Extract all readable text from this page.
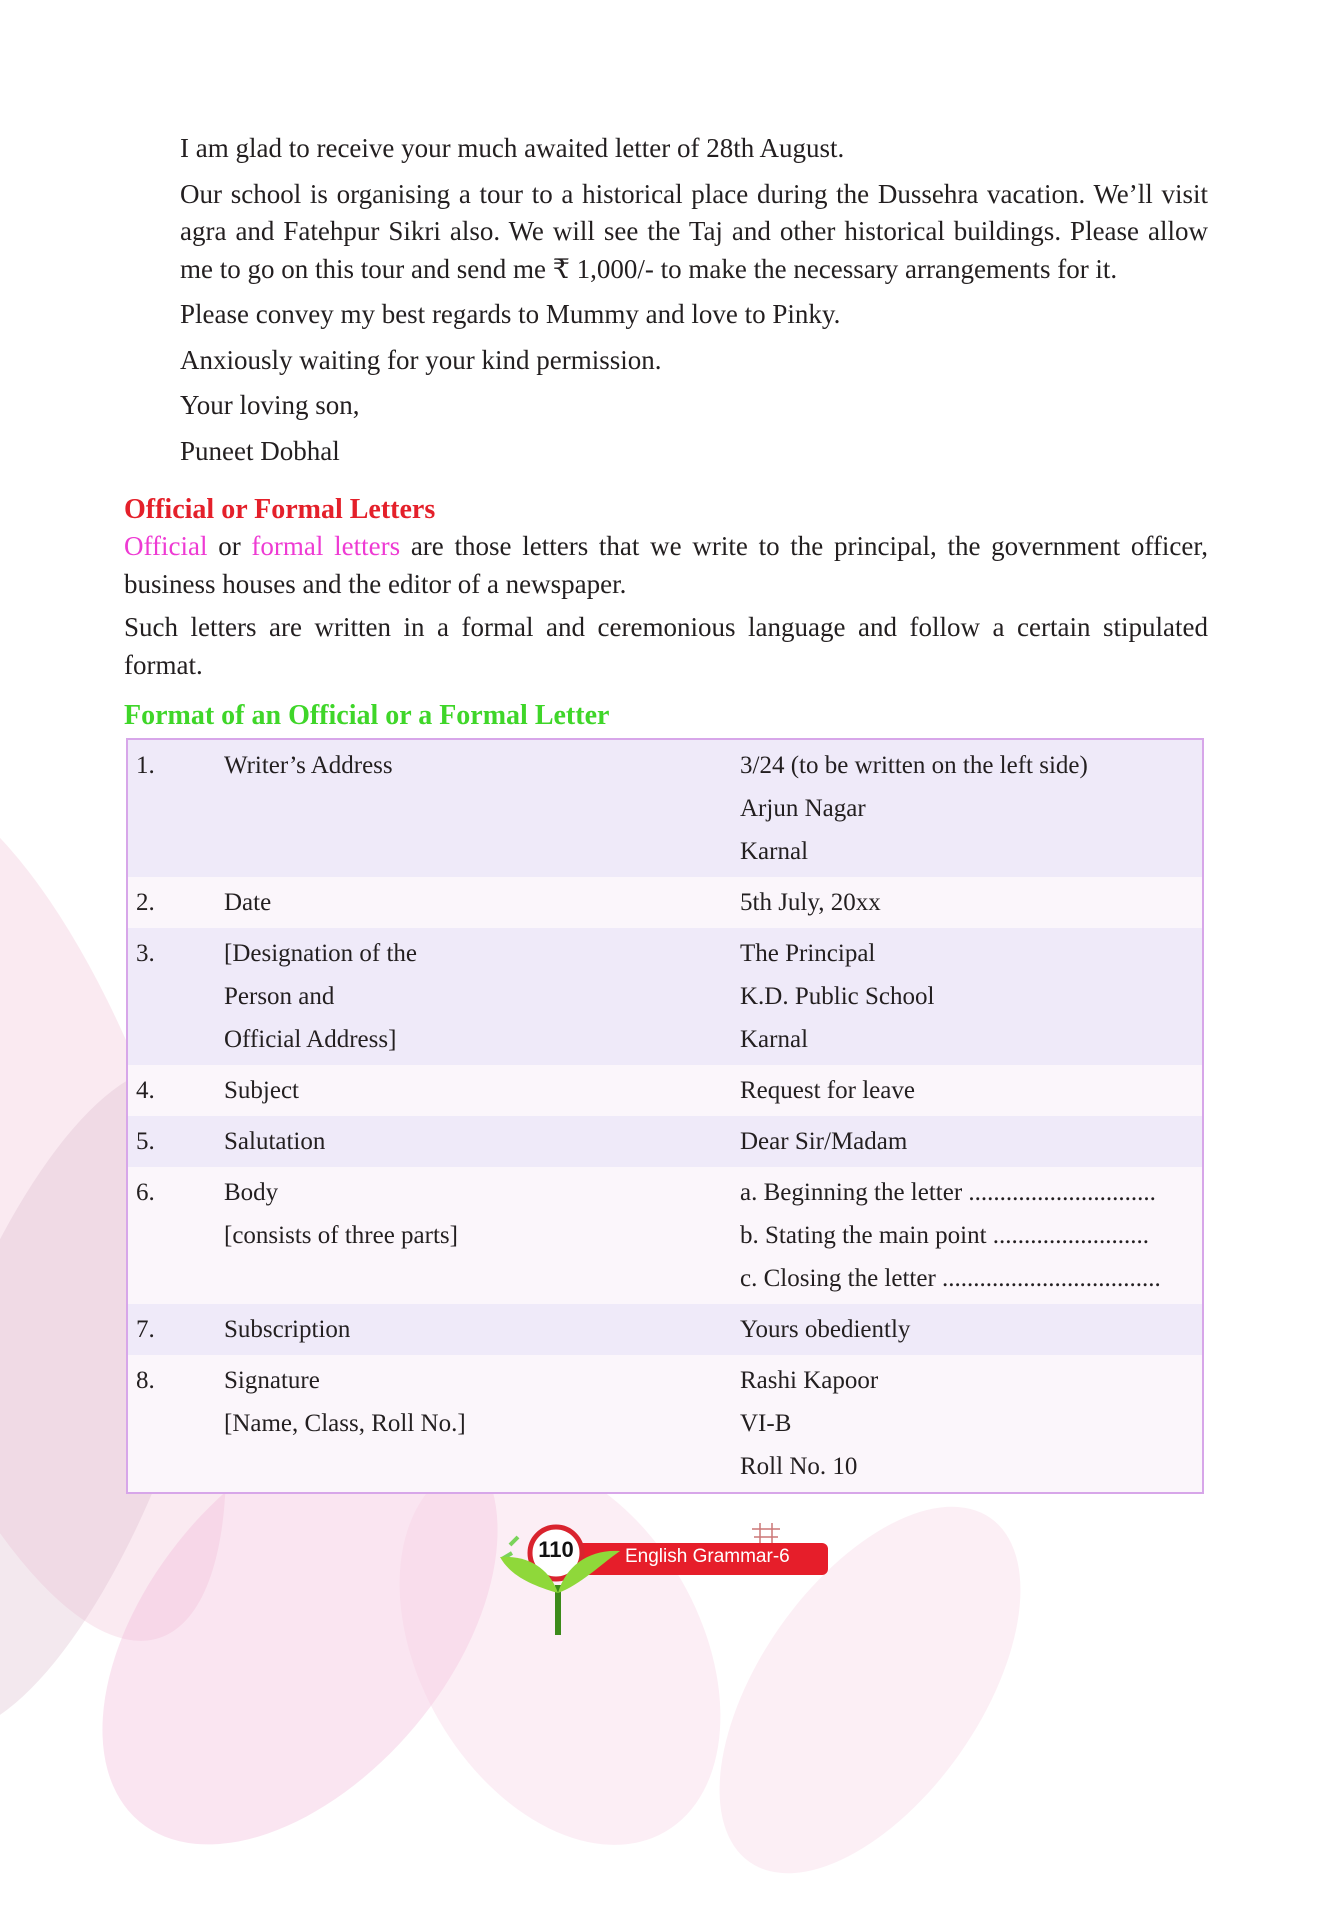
I am glad to receive your much awaited letter of 28th August.

Our school is organising a tour to a historical place during the Dussehra vacation. We’ll visit agra and Fatehpur Sikri also. We will see the Taj and other historical buildings. Please allow me to go on this tour and send me ₹ 1,000/- to make the necessary arrangements for it.

Please convey my best regards to Mummy and love to Pinky.

Anxiously waiting for your kind permission.

Your loving son,

Puneet Dobhal

Official or Formal Letters

Official or formal letters are those letters that we write to the principal, the government officer, business houses and the editor of a newspaper.

Such letters are written in a formal and ceremonious language and follow a certain stipulated format.

Format of an Official or a Formal Letter
1.	Writer’s Address	3/24 (to be written on the left side)
Arjun Nagar
Karnal

2.	Date	5th July, 20xx

3.	[Designation of the
Person and
Official Address]	The Principal
K.D. Public School
Karnal

4.	Subject	Request for leave

5.	Salutation	Dear Sir/Madam

6.	Body
[consists of three parts]	a. Beginning the letter ..............................
b. Stating the main point .........................
c. Closing the letter ...................................

7.	Subscription	Yours obediently

8.	Signature
[Name, Class, Roll No.]	Rashi Kapoor
VI-B
Roll No. 10
110	English Grammar-6
